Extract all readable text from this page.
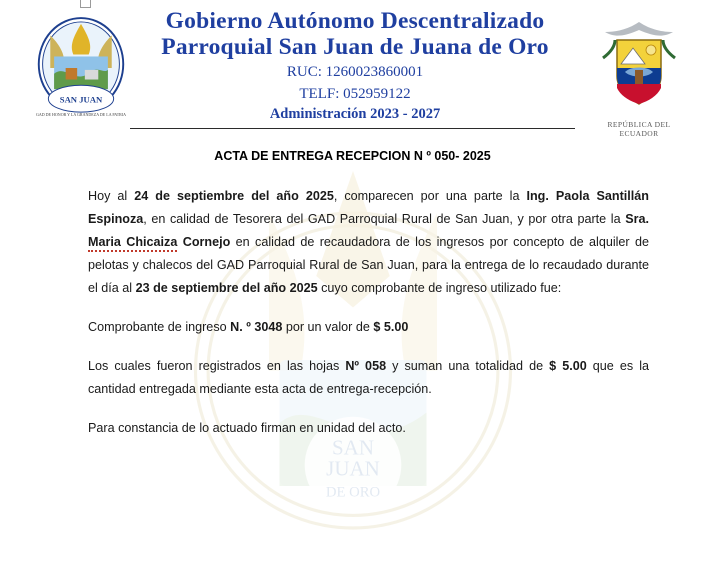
SAN
JUAN
DE ORO
SAN JUAN
GAD DE HONOR Y LA GRANDEZA DE LA PATRIA
Gobierno Autónomo Descentralizado
Parroquial San Juan de Juana de Oro
RUC: 1260023860001
TELF: 052959122
Administración 2023 - 2027
REPÚBLICA DEL ECUADOR
ACTA DE ENTREGA RECEPCION N º 050- 2025

Hoy al 24 de septiembre del año 2025, comparecen por una parte la Ing. Paola Santillán Espinoza, en calidad de Tesorera del GAD Parroquial Rural de San Juan, y por otra parte la Sra. Maria Chicaiza Cornejo en calidad de recaudadora de los ingresos por concepto de alquiler de pelotas y chalecos del GAD Parroquial Rural de San Juan, para la entrega de lo recaudado durante el día al 23 de septiembre del año 2025 cuyo comprobante de ingreso utilizado fue:

Comprobante de ingreso N. º 3048 por un valor de $ 5.00

Los cuales fueron registrados en las hojas Nº 058 y suman una totalidad de $ 5.00 que es la cantidad entregada mediante esta acta de entrega-recepción.

Para constancia de lo actuado firman en unidad del acto.
